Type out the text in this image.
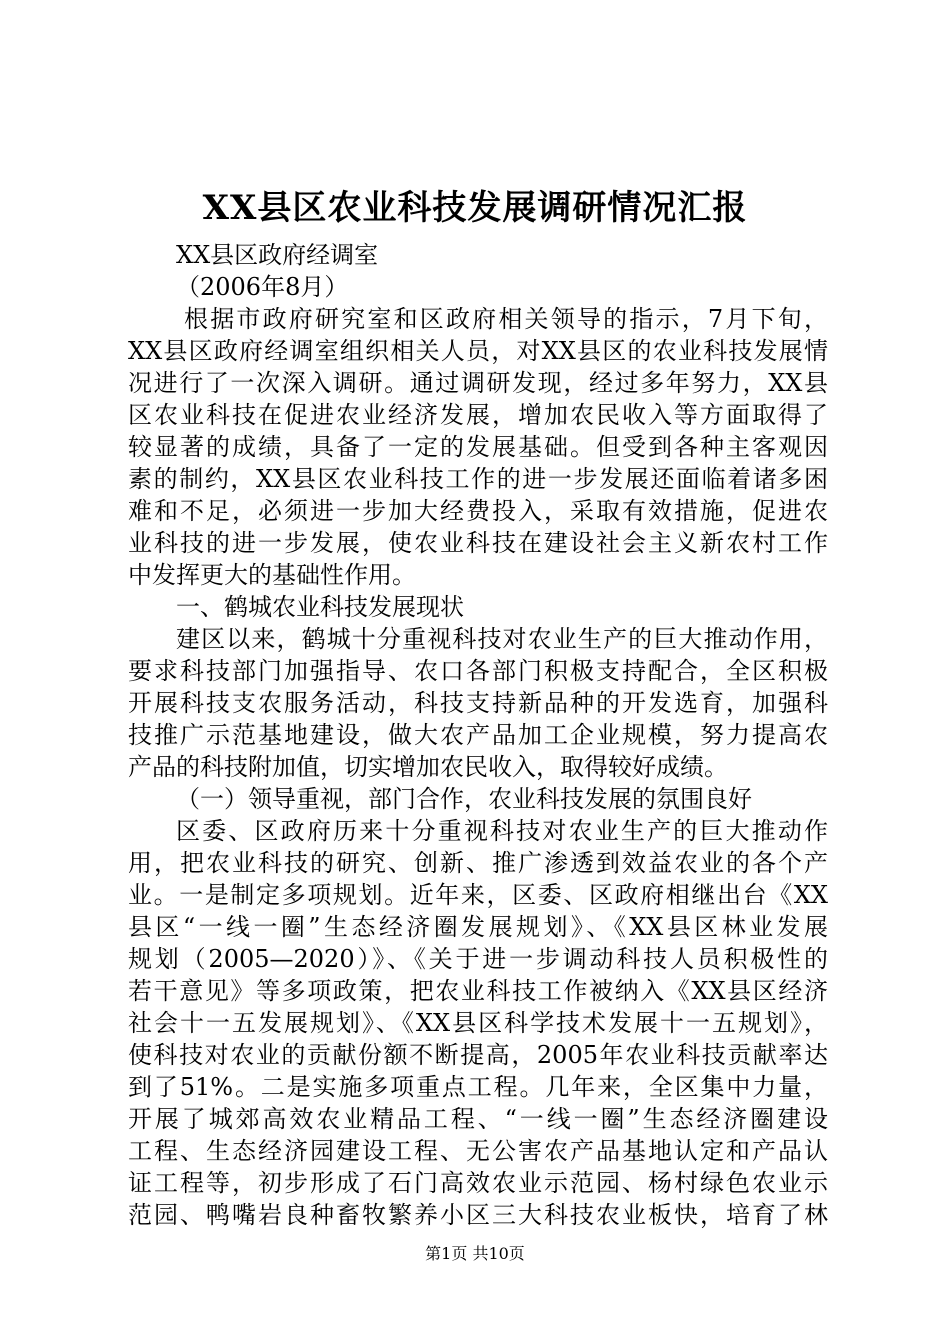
XX县区农业科技发展调研情况汇报
XX县区政府经调室
（2006年8月）
根据市政府研究室和区政府相关领导的指示，7月下旬，
XX县区政府经调室组织相关人员，对XX县区的农业科技发展情
况进行了一次深入调研。通过调研发现，经过多年努力，XX县
区农业科技在促进农业经济发展，增加农民收入等方面取得了
较显著的成绩，具备了一定的发展基础。但受到各种主客观因
素的制约，XX县区农业科技工作的进一步发展还面临着诸多困
难和不足，必须进一步加大经费投入，采取有效措施，促进农
业科技的进一步发展，使农业科技在建设社会主义新农村工作
中发挥更大的基础性作用。
一、鹤城农业科技发展现状
建区以来，鹤城十分重视科技对农业生产的巨大推动作用，
要求科技部门加强指导、农口各部门积极支持配合，全区积极
开展科技支农服务活动，科技支持新品种的开发选育，加强科
技推广示范基地建设，做大农产品加工企业规模，努力提高农
产品的科技附加值，切实增加农民收入，取得较好成绩。
（一）领导重视，部门合作，农业科技发展的氛围良好
区委、区政府历来十分重视科技对农业生产的巨大推动作
用，把农业科技的研究、创新、推广渗透到效益农业的各个产
业。一是制定多项规划。近年来，区委、区政府相继出台《XX
县区“一线一圈”生态经济圈发展规划》、《XX县区林业发展
规划（2005—2020）》、《关于进一步调动科技人员积极性的
若干意见》等多项政策，把农业科技工作被纳入《XX县区经济
社会十一五发展规划》、《XX县区科学技术发展十一五规划》，
使科技对农业的贡献份额不断提高，2005年农业科技贡献率达
到了51%。二是实施多项重点工程。几年来，全区集中力量，
开展了城郊高效农业精品工程、“一线一圈”生态经济圈建设
工程、生态经济园建设工程、无公害农产品基地认定和产品认
证工程等，初步形成了石门高效农业示范园、杨村绿色农业示
范园、鸭嘴岩良种畜牧繁养小区三大科技农业板快，培育了林
第1页 共10页
